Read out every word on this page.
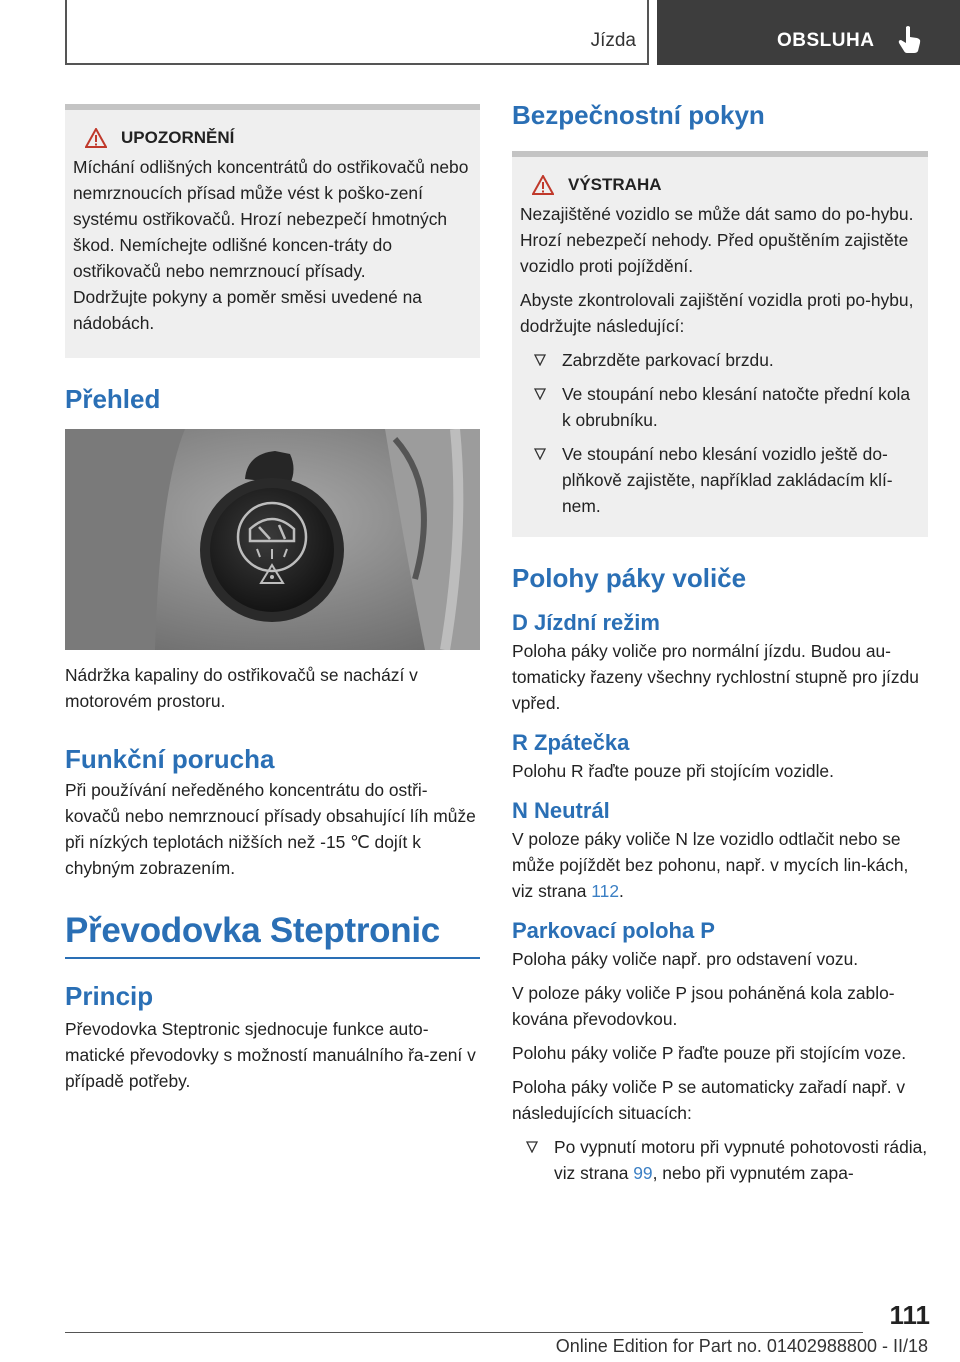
Jízda	OBSLUHA
UPOZORNĚNÍ

Míchání odlišných koncentrátů do ostřikovačů nebo nemrznoucích přísad může vést k poško-zení systému ostřikovačů. Hrozí nebezpečí hmotných škod. Nemíchejte odlišné koncen-tráty do ostřikovačů nebo nemrznoucí přísady.

Dodržujte pokyny a poměr směsi uvedené na nádobách.

Přehled
Nádržka kapaliny do ostřikovačů se nachází v motorovém prostoru.
Funkční porucha
Při používání neředěného koncentrátu do ostři-kovačů nebo nemrznoucí přísady obsahující líh může při nízkých teplotách nižších než -15 ℃ dojít k chybným zobrazením.
Převodovka Steptronic
Princip
Převodovka Steptronic sjednocuje funkce auto-matické převodovky s možností manuálního řa-zení v případě potřeby.
Bezpečnostní pokyn
VÝSTRAHA

Nezajištěné vozidlo se může dát samo do po-hybu. Hrozí nebezpečí nehody. Před opuštěním zajistěte vozidlo proti pojíždění.

Abyste zkontrolovali zajištění vozidla proti po-hybu, dodržujte následující:

Zabrzděte parkovací brzdu.
Ve stoupání nebo klesání natočte přední kola k obrubníku.
Ve stoupání nebo klesání vozidlo ještě do-plňkově zajistěte, například zakládacím klí-nem.
Polohy páky voliče
D Jízdní režim
Poloha páky voliče pro normální jízdu. Budou au-tomaticky řazeny všechny rychlostní stupně pro jízdu vpřed.
R Zpátečka
Polohu R řaďte pouze při stojícím vozidle.
N Neutrál
V poloze páky voliče N lze vozidlo odtlačit nebo se může pojíždět bez pohonu, např. v mycích lin-kách, viz strana 112.
Parkovací poloha P
Poloha páky voliče např. pro odstavení vozu.
V poloze páky voliče P jsou poháněná kola zablo-kována převodovkou.
Polohu páky voliče P řaďte pouze při stojícím voze.
Poloha páky voliče P se automaticky zařadí např. v následujících situacích:
Po vypnutí motoru při vypnuté pohotovosti rádia, viz strana 99, nebo při vypnutém zapa-
111
Online Edition for Part no. 01402988800 - II/18
